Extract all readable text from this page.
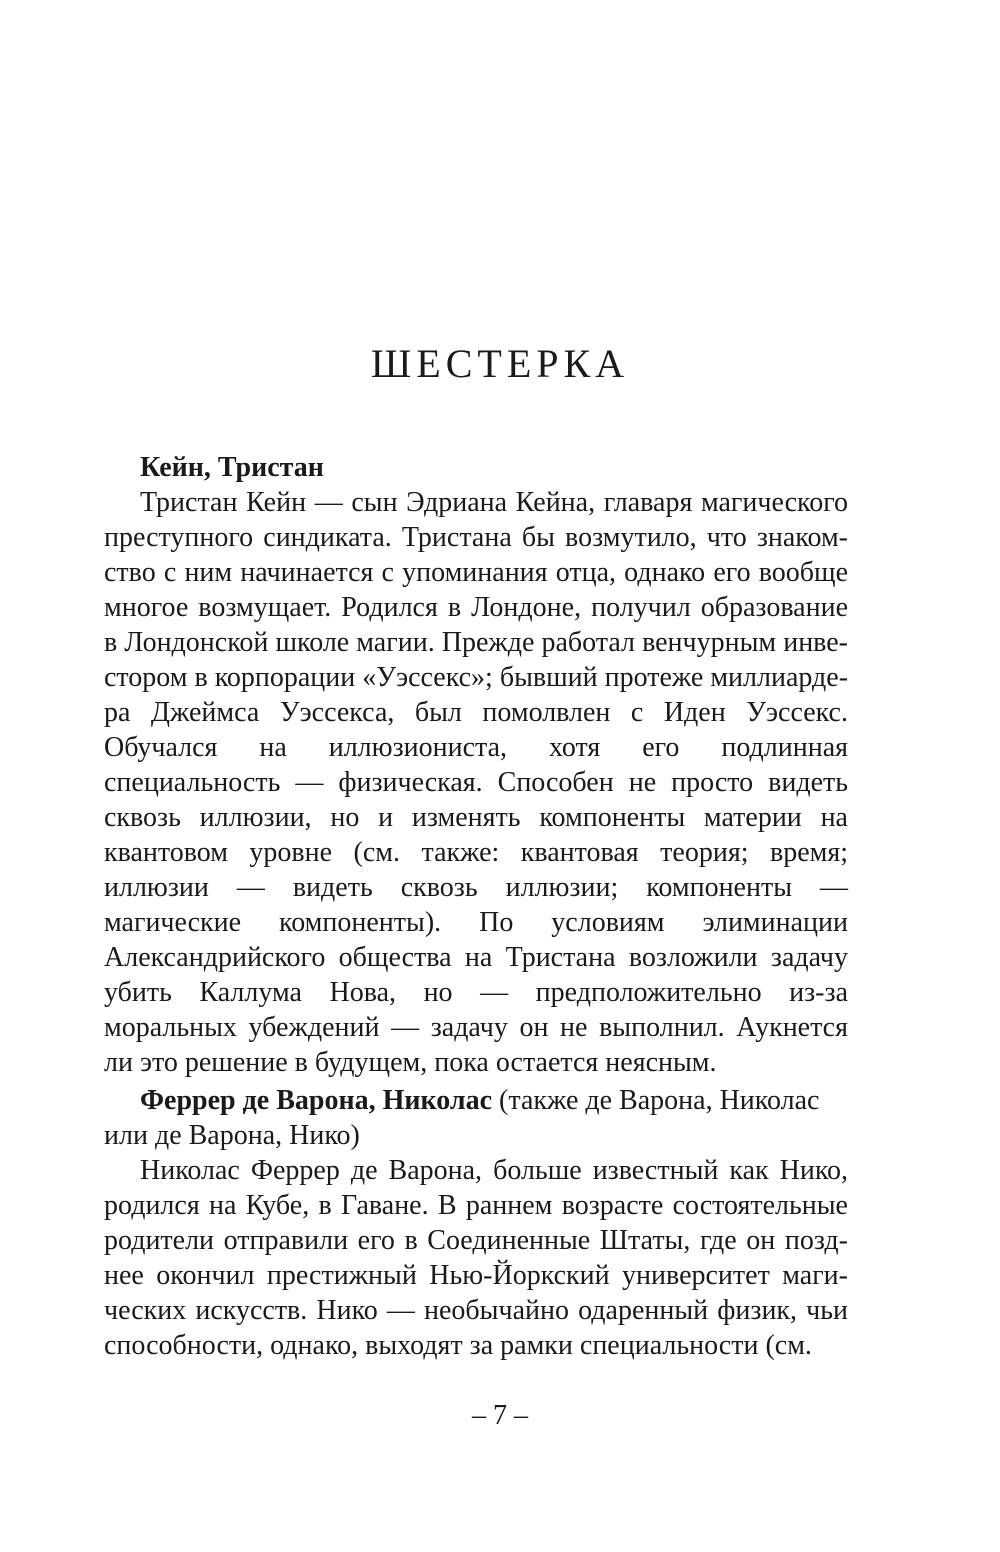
ШЕСТЕРКА

Кейн, Тристан

Тристан Кейн — сын Эдриана Кейна, главаря магического преступного синдиката. Тристана бы возмутило, что знакомство с ним начинается с упоминания отца, однако его вообще многое возмущает. Родился в Лондоне, получил образование в Лондонской школе магии. Прежде работал венчурным инвестором в корпорации «Уэссекс»; бывший протеже миллиардера Джеймса Уэссекса, был помолвлен с Иден Уэссекс. Обучался на иллюзиониста, хотя его подлинная специальность — физическая. Способен не просто видеть сквозь иллюзии, но и изменять компоненты материи на квантовом уровне (см. также: квантовая теория; время; иллюзии — видеть сквозь иллюзии; компоненты — магические компоненты). По условиям элиминации Александрийского общества на Тристана возложили задачу убить Каллума Нова, но — предположительно из-за моральных убеждений — задачу он не выполнил. Аукнется ли это решение в будущем, пока остается неясным.

Феррер де Варона, Николас (также де Варона, Николас или де Варона, Нико)

Николас Феррер де Варона, больше известный как Нико, родился на Кубе, в Гаване. В раннем возрасте состоятельные родители отправили его в Соединенные Штаты, где он позднее окончил престижный Нью-Йоркский университет магических искусств. Нико — необычайно одаренный физик, чьи способности, однако, выходят за рамки специальности (см.

– 7 –
